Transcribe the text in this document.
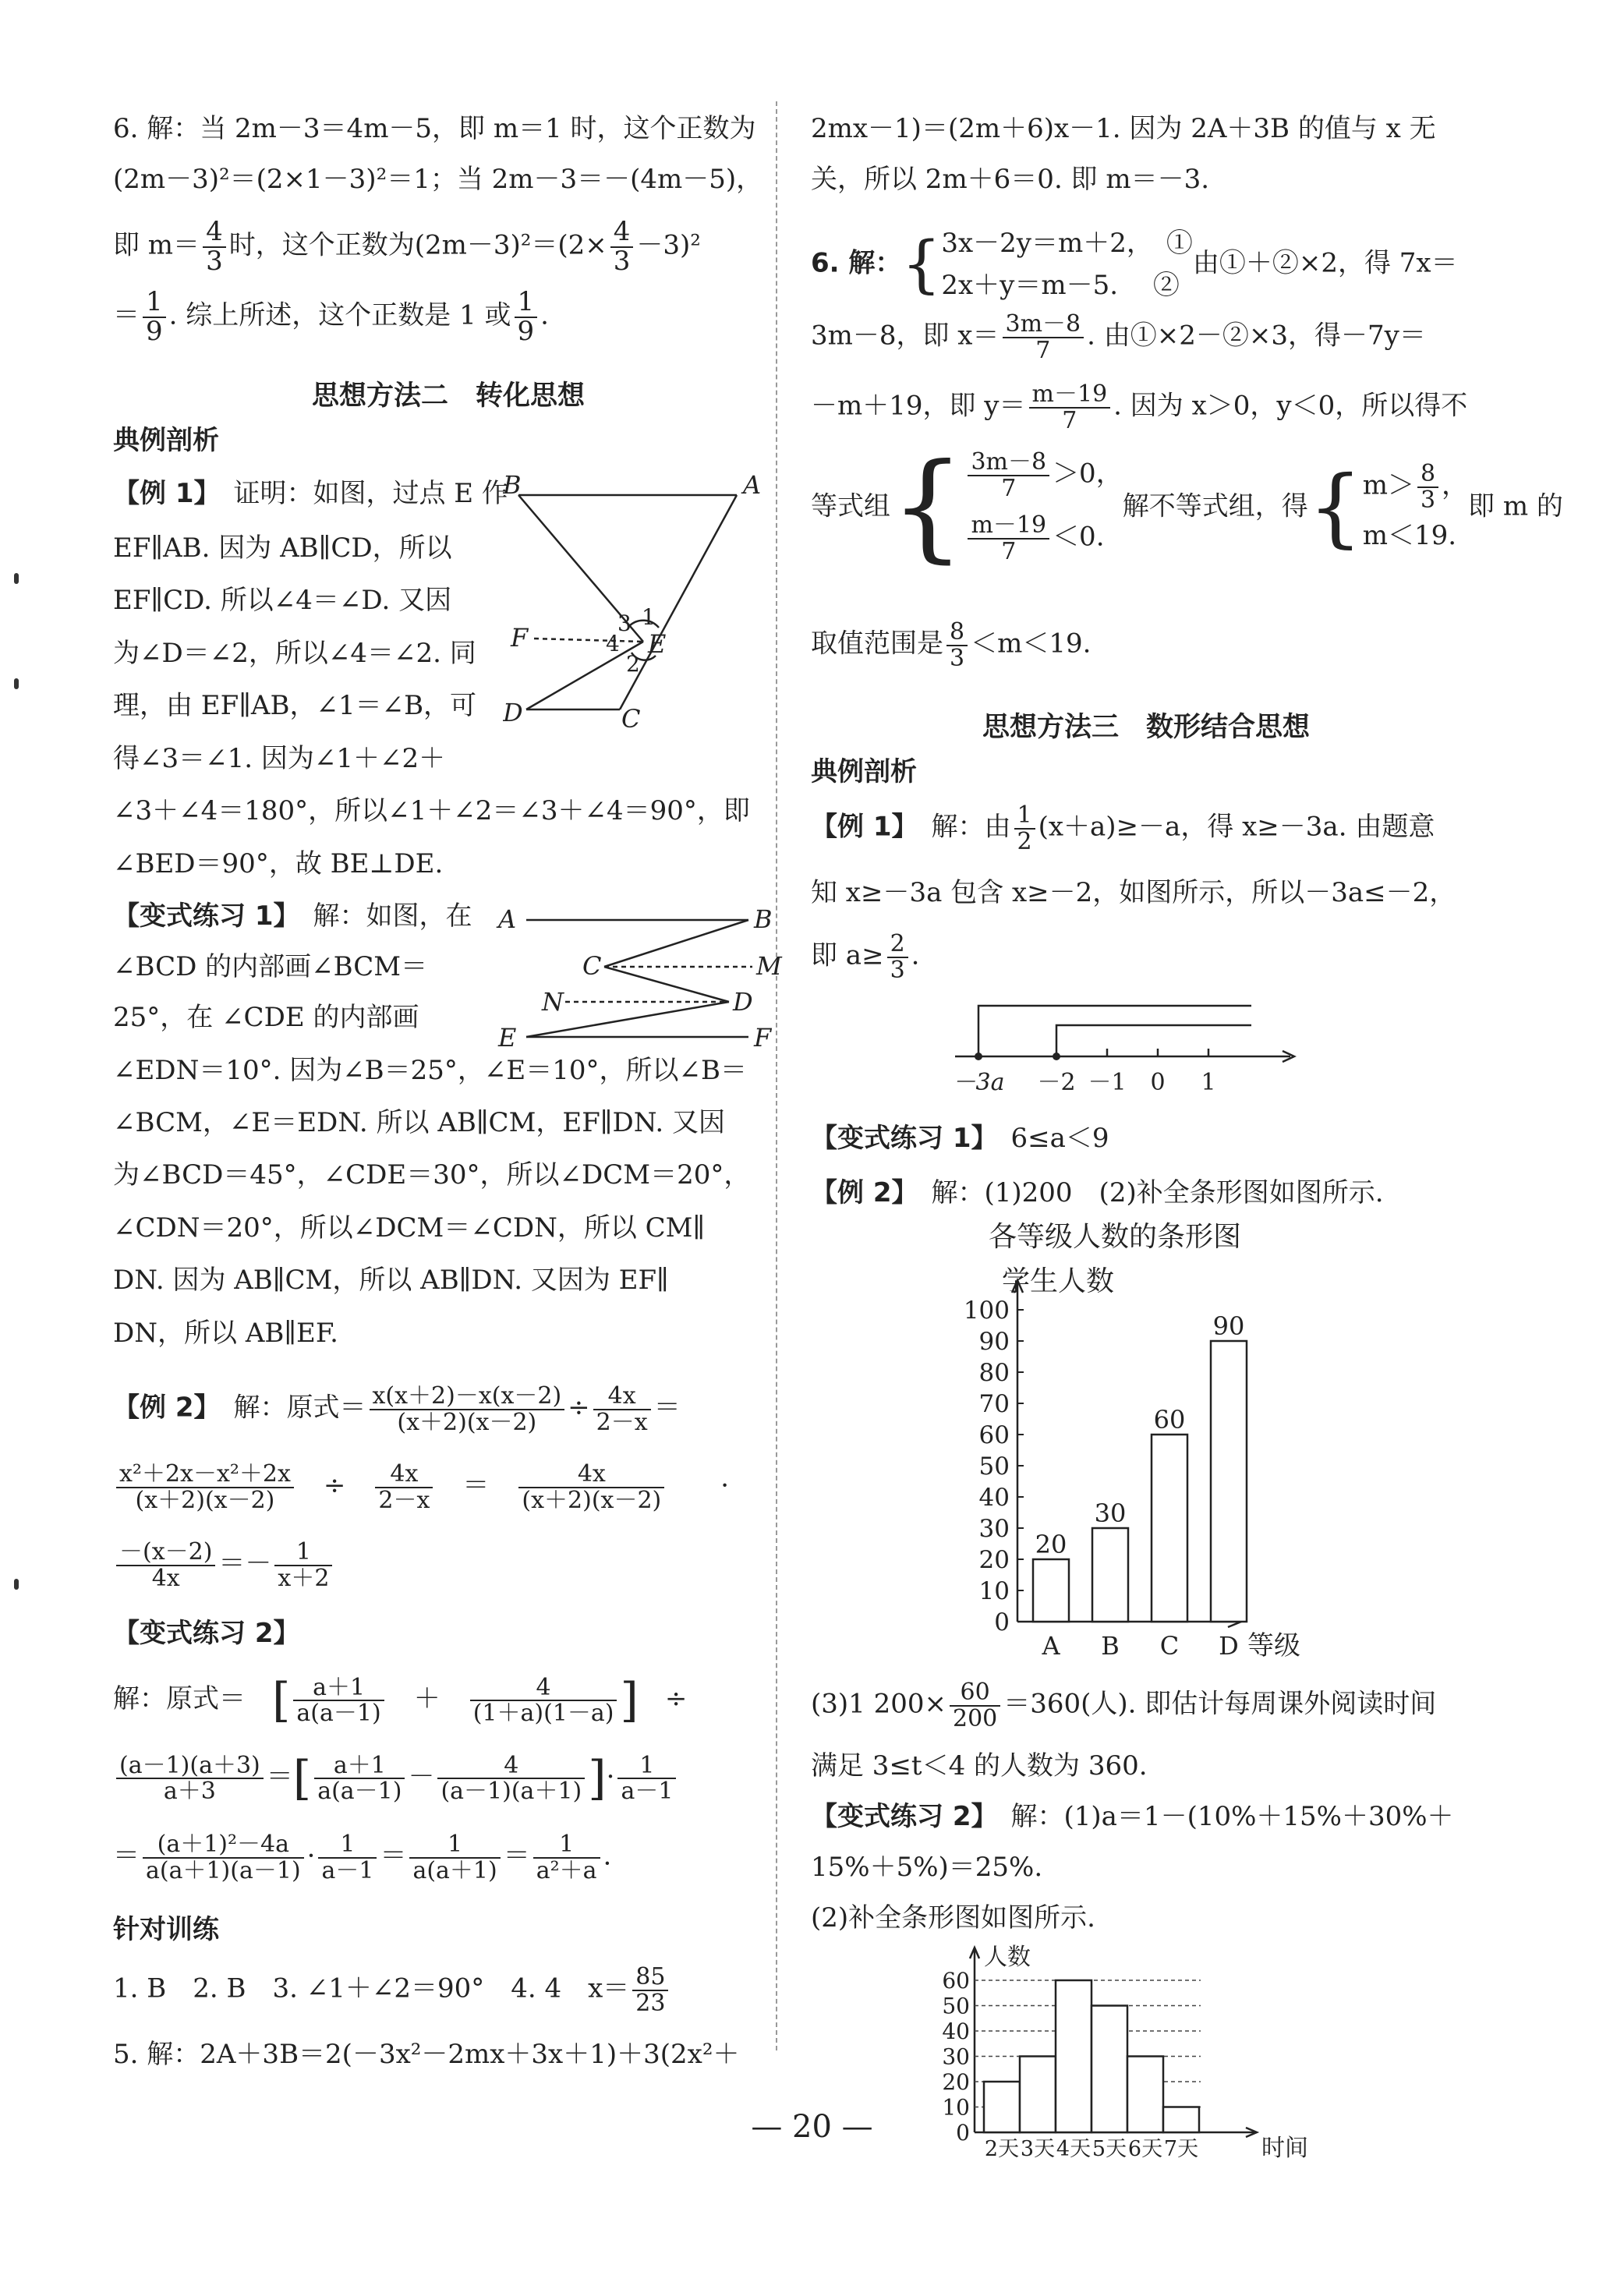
6. 解：当 2m－3＝4m－5，即 m＝1 时，这个正数为
(2m－3)²＝(2×1－3)²＝1；当 2m－3＝－(4m－5)，
即 $m= \frac{4}{3}$ 时，这个正数为$(2m-3)^2=(2\times \frac{4}{3} -3)^2$
＝ $\frac{1}{9}$ . 综上所述，这个正数是 1 或 $\frac{1}{9}$ .
思想方法二　转化思想
典例剖析
【例 1】　 证明：如图，过点 E 作
EF∥AB. 因为 AB∥CD，所以
EF∥CD. 所以∠4＝∠D. 又因
为∠D＝∠2，所以∠4＝∠2. 同
理，由 EF∥AB，∠1＝∠B，可
得∠3＝∠1. 因为∠1＋∠2＋
∠3＋∠4＝180°，所以∠1＋∠2＝∠3＋∠4＝90°，即
∠BED＝90°，故 BE⊥DE.
B	A
F	E
D	C
1
2
3
4
【变式练习 1】　 解：如图，在
∠BCD 的内部画∠BCM＝
25°，在 ∠CDE 的内部画
∠EDN＝10°. 因为∠B＝25°，∠E＝10°，所以∠B＝
∠BCM，∠E＝EDN. 所以 AB∥CM，EF∥DN. 又因
为∠BCD＝45°，∠CDE＝30°，所以∠DCM＝20°，
∠CDN＝20°，所以∠DCM＝∠CDN，所以 CM∥
DN. 因为 AB∥CM，所以 AB∥DN. 又因为 EF∥
DN，所以 AB∥EF.
A	B
C	M
N	D
E	F
【例 2】　 解：原式＝ $\frac{x(x+2)-x(x-2)}{(x+2)(x-2)} \div \frac{4x}{2-x}$ ＝
$\frac{\text{x²＋2x－x²＋2x}}{(x+2)(x-2)}$
　 ÷　 $\frac{4x}{2-x}$
　 ＝　 $\frac{4x}{(x+2)(x-2)}$
　　 ·
$\frac{-(x-2)}{4x} =- \frac{1}{x+2}$
【变式练习 2】
解：原式＝　 [ $\frac{a+1}{a(a-1)}$
　 ＋　 $\frac{4}{(1+a)(1-a)}$ ]　 ÷
$\frac{(a-1)(a+3)}{a+3}$ ＝[ $\frac{a+1}{a(a-1)} - \frac{4}{(a-1)(a+1)}$ ]· $\frac{1}{a-1}$
＝ $\frac{\text{(a＋1)²－4a}}{a(a+1)(a-1)} \cdot \frac{1}{a-1} = \frac{1}{a(a+1)} = \frac{1}{\text{a²＋a}}$ .
针对训练
1. B　2. B　3. ∠1＋∠2＝90°　4. 4　$x= \frac{85}{23}$
5. 解：2A＋3B＝2(－3x²－2mx＋3x＋1)＋3(2x²＋
2mx－1)＝(2m＋6)x－1. 因为 2A＋3B 的值与 x 无
关，所以 2m＋6＝0. 即 m＝－3.
6. 解：{ 3x－2y＝m＋2，　①
2x＋y＝m－5.　 ②
由①＋②×2，得 7x＝
3m－8，即 $x= \frac{3m-8}{7}$ . 由①×2－②×3，得－7y＝
－m＋19，即 $y= \frac{m-19}{7}$ . 因为 x＞0，y＜0，所以得不
等式组{ $\frac{3m-8}{7} >0$，
$\frac{m-19}{7} <0$.
解不等式组，得{ $m> \frac{8}{3}$ ，
m＜19.
即 m 的
取值范围是 $\frac{8}{3} <m<19$.
思想方法三　数形结合思想
典例剖析
【例 1】　 解：由 $\frac{1}{2} (x+a)\ge-a$，得 x≥－3a. 由题意
知 x≥－3a 包含 x≥－2，如图所示，所以－3a≤－2，
即 $a\ge \frac{2}{3}$ .
－3a －2 －1 0 1
【变式练习 1】　 6≤a＜9
【例 2】　 解：(1)200　(2)补全条形图如图所示.
各等级人数的条形图
学生人数
等级
0
10
20
30
40
50
60
70
80
90
100
20
A
30
B
60
C
90
D
(3)1 $200\times \frac{60}{200} =360$(人). 即估计每周课外阅读时间
满足 3≤t＜4 的人数为 360.
【变式练习 2】　 解：(1)a＝1－(10%＋15%＋30%＋
15%＋5%)＝25%.
(2)补全条形图如图所示.
人数
时间
0
10
20
30
40
50
60
2天 3天 4天 5天 6天 7天
— 20 —
